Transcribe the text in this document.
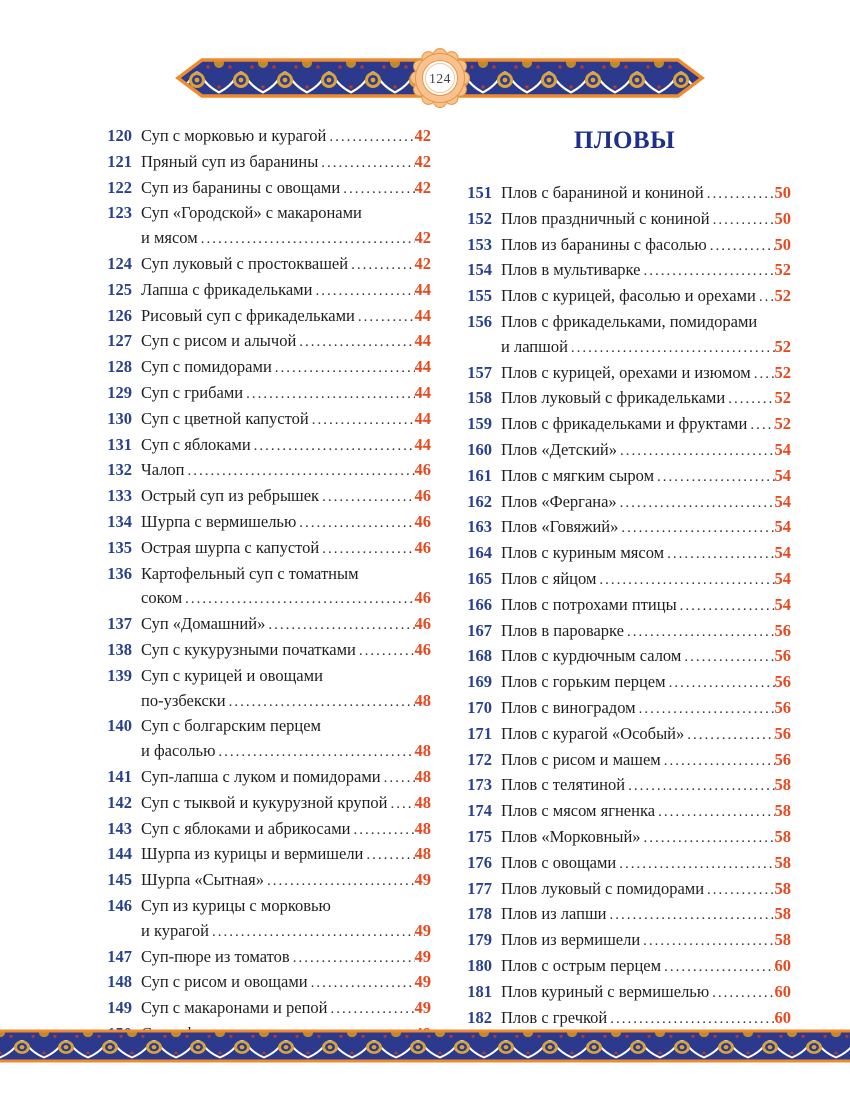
124
120 Суп с морковью и курагой .....	42
121 Пряный суп из баранины .....	42
122 Суп из баранины с овощами .....	42
123 Суп «Городской» с макаронами
и мясом .....	42
124 Суп луковый с простоквашей .....	42
125 Лапша с фрикадельками .....	44
126 Рисовый суп с фрикадельками .....	44
127 Суп с рисом и алычой .....	44
128 Суп с помидорами .....	44
129 Суп с грибами .....	44
130 Суп с цветной капустой .....	44
131 Суп с яблоками .....	44
132 Чалоп .....	46
133 Острый суп из ребрышек .....	46
134 Шурпа с вермишелью .....	46
135 Острая шурпа с капустой .....	46
136 Картофельный суп с томатным
соком .....	46
137 Суп «Домашний» .....	46
138 Суп с кукурузными початками .....	46
139 Суп с курицей и овощами
по-узбекски .....	48
140 Суп с болгарским перцем
и фасолью .....	48
141 Суп-лапша с луком и помидорами ..... 48
142 Суп с тыквой и кукурузной крупой ..... 48
143 Суп с яблоками и абрикосами .....	48
144 Шурпа из курицы и вермишели .....	48
145 Шурпа «Сытная» .....	49
146 Суп из курицы с морковью
и курагой .....	49
147 Суп-пюре из томатов .....	49
148 Суп с рисом и овощами .....	49
149 Суп с макаронами и репой .....	49
.....
ПЛОВЫ
151 Плов с бараниной и кониной .....	50
152 Плов праздничный с кониной .....	50
153 Плов из баранины с фасолью .....	50
154 Плов в мультиварке .....	52
155 Плов с курицей, фасолью и орехами ..... 52
156 Плов с фрикадельками, помидорами
и лапшой .....	52
157 Плов с курицей, орехами и изюмом ..... 52
158 Плов луковый с фрикадельками .....	52
159 Плов с фрикадельками и фруктами ..... 52
160 Плов «Детский» .....	54
161 Плов с мягким сыром .....	54
162 Плов «Фергана» .....	54
163 Плов «Говяжий» .....	54
164 Плов с куриным мясом .....	54
165 Плов с яйцом .....	54
166 Плов с потрохами птицы .....	54
167 Плов в пароварке .....	56
168 Плов с курдючным салом .....	56
169 Плов с горьким перцем .....	56
170 Плов с виноградом .....	56
171 Плов с курагой «Особый» .....	56
172 Плов с рисом и машем .....	56
173 Плов с телятиной .....	58
174 Плов с мясом ягненка .....	58
175 Плов «Морковный» .....	58
176 Плов с овощами .....	58
177 Плов луковый с помидорами .....	58
178 Плов из лапши .....	58
179 Плов из вермишели .....	58
180 Плов с острым перцем .....	60
181 Плов куриный с вермишелью .....	60
182 Плов с гречкой .....	60
.....
